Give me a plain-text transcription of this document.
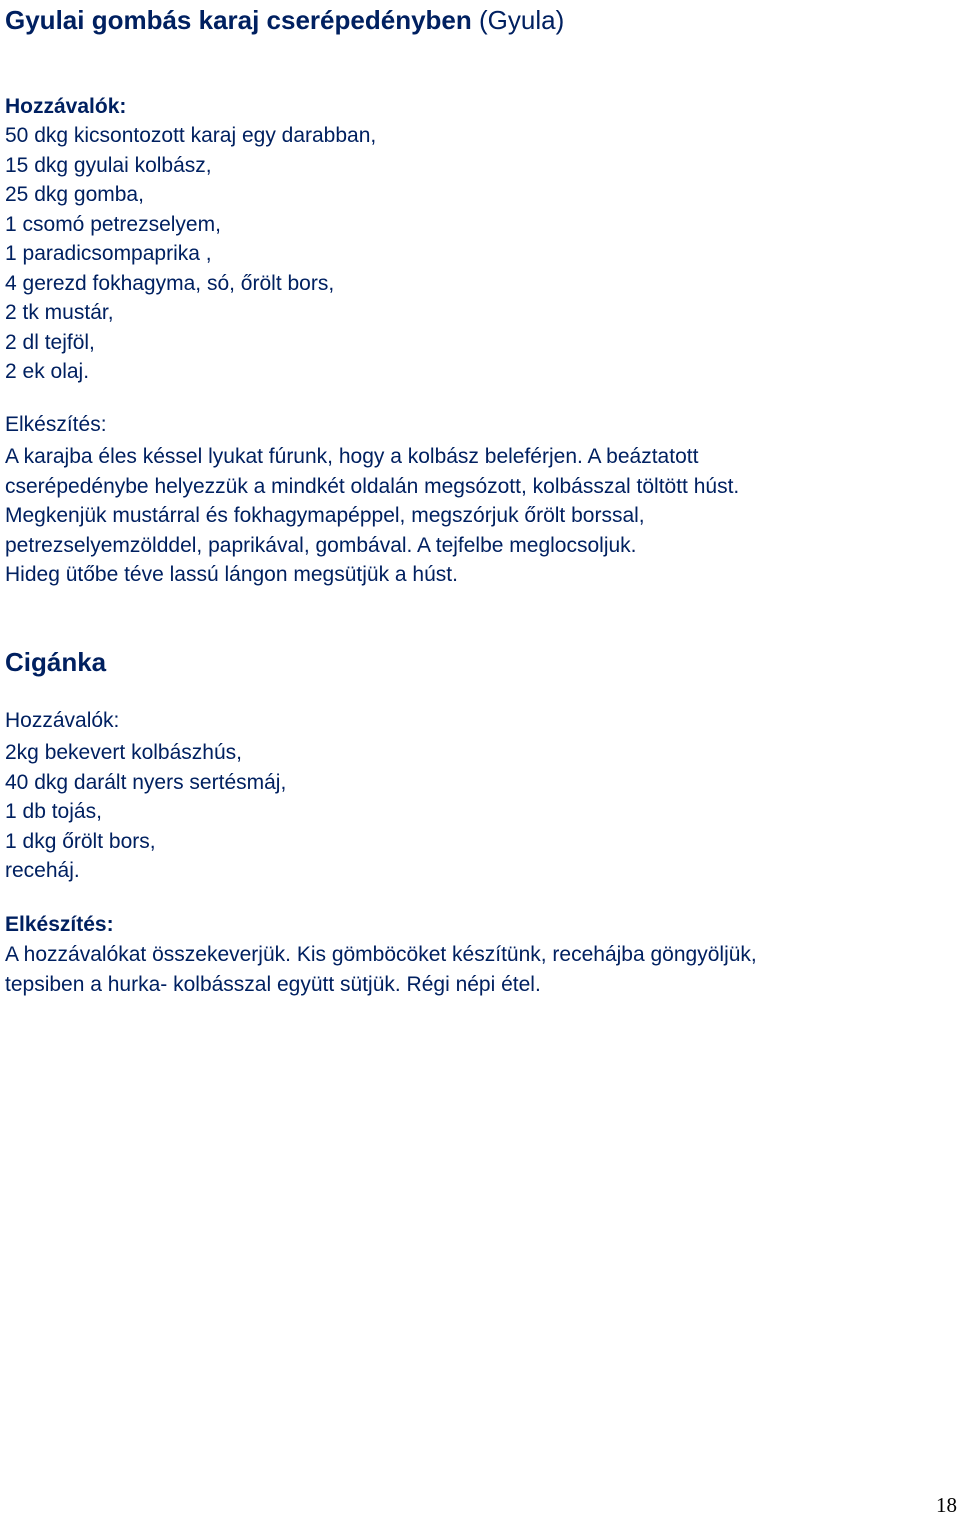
Gyulai gombás karaj cserépedényben (Gyula)
Hozzávalók:
50 dkg kicsontozott karaj egy darabban,
15 dkg gyulai kolbász,
25 dkg gomba,
1 csomó petrezselyem,
1 paradicsompaprika ,
4 gerezd fokhagyma, só, őrölt bors,
2 tk mustár,
2 dl tejföl,
2 ek olaj.
Elkészítés:
A karajba éles késsel lyukat fúrunk, hogy a kolbász beleférjen. A beáztatott
cserépedénybe helyezzük a mindkét oldalán megsózott, kolbásszal töltött húst.
Megkenjük mustárral és fokhagymapéppel, megszórjuk őrölt borssal,
petrezselyemzölddel, paprikával, gombával. A tejfelbe meglocsoljuk.
Hideg ütőbe téve lassú lángon megsütjük a húst.
Cigánka
Hozzávalók:
2kg bekevert kolbászhús,
40 dkg darált nyers sertésmáj,
1 db tojás,
1 dkg őrölt bors,
receháj.
Elkészítés:
A hozzávalókat összekeverjük. Kis gömböcöket készítünk, recehájba göngyöljük,
tepsiben a hurka- kolbásszal együtt sütjük. Régi népi étel.
18
